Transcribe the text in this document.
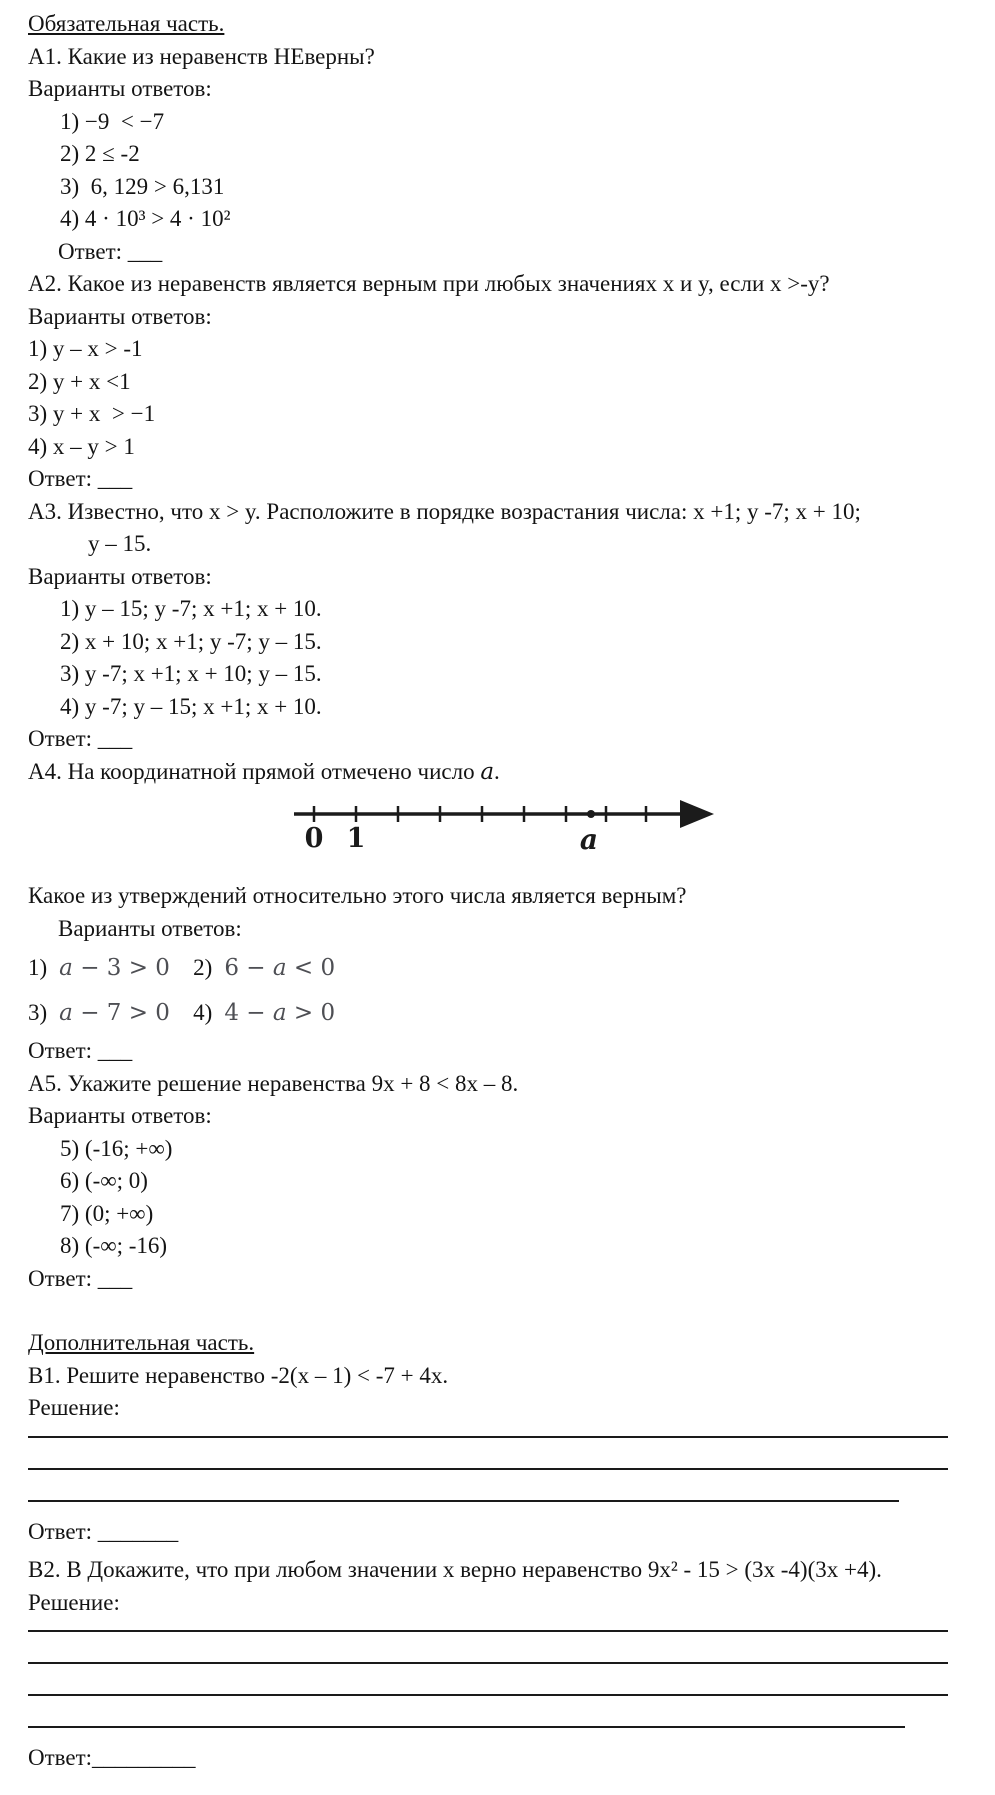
Обязательная часть.
А1. Какие из неравенств НЕверны?
Варианты ответов:
1) −9  < −7
2) 2 ≤ -2
3)  6, 129 > 6,131
4) 4 · 10³ > 4 · 10²
Ответ: ___
А2. Какое из неравенств является верным при любых значениях x и y, если x >-y?
Варианты ответов:
1) y – x > -1
2) y + x <1
3) y + x  > −1
4) x – y > 1
Ответ: ___
А3. Известно, что x > y. Расположите в порядке возрастания числа: x +1; y -7; x + 10;
y – 15.
Варианты ответов:
1) y – 15; y -7; x +1; x + 10.
2) x + 10; x +1; y -7; y – 15.
3) y -7; x +1; x + 10; y – 15.
4) y -7; y – 15; x +1; x + 10.
Ответ: ___
А4. На координатной прямой отмечено число a.
0 1	a
Какое из утверждений относительно этого числа является верным?
Варианты ответов:
1) a − 3 > 0 2) 6 − a < 0
3) a − 7 > 0 4) 4 − a > 0
Ответ: ___
А5. Укажите решение неравенства 9x + 8 < 8x – 8.
Варианты ответов:
5) (-16; +∞)
6) (-∞; 0)
7) (0; +∞)
8) (-∞; -16)
Ответ: ___
Дополнительная часть.
В1. Решите неравенство -2(x – 1) < -7 + 4x.
Решение:
Ответ: _______
В2. В Докажите, что при любом значении x верно неравенство 9x² - 15 > (3x -4)(3x +4).
Решение:
Ответ:_________
